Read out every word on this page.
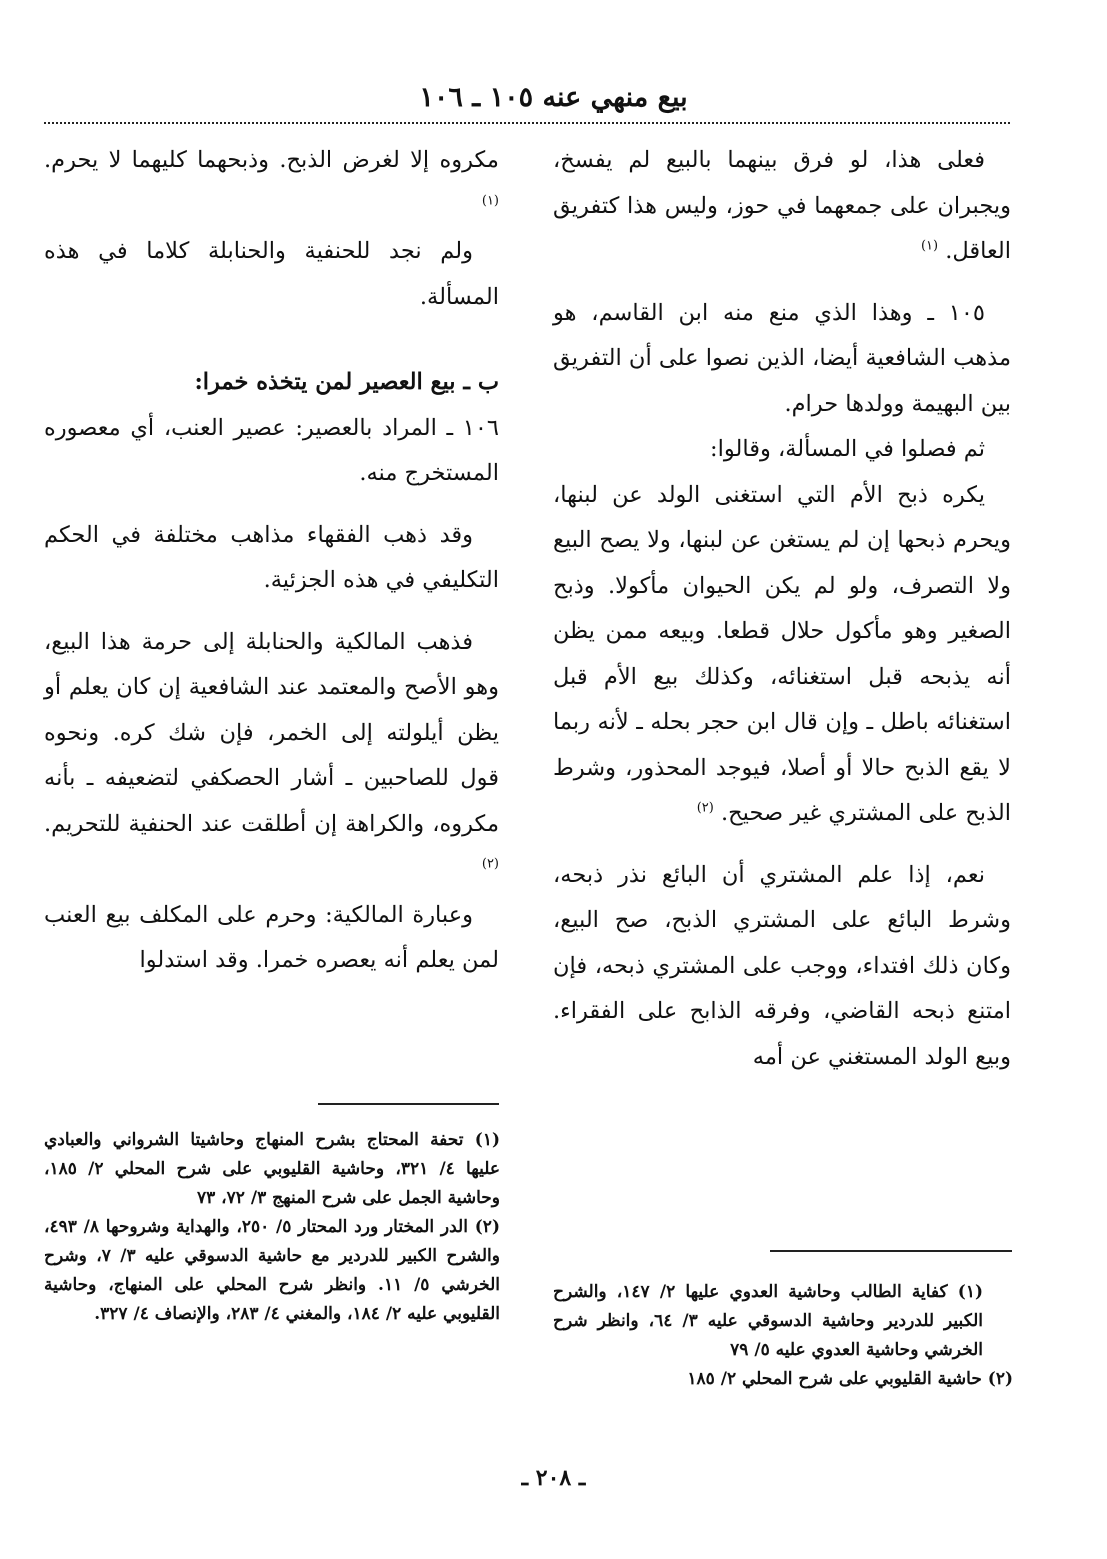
بيع منهي عنه ١٠٥ ـ ١٠٦

فعلى هذا، لو فرق بينهما بالبيع لم يفسخ، ويجبران على جمعهما في حوز، وليس هذا كتفريق العاقل. $^{(١)}$

١٠٥ ـ وهذا الذي منع منه ابن القاسم، هو مذهب الشافعية أيضا، الذين نصوا على أن التفريق بين البهيمة وولدها حرام.

ثم فصلوا في المسألة، وقالوا:

يكره ذبح الأم التي استغنى الولد عن لبنها، ويحرم ذبحها إن لم يستغن عن لبنها، ولا يصح البيع ولا التصرف، ولو لم يكن الحيوان مأكولا. وذبح الصغير وهو مأكول حلال قطعا. وبيعه ممن يظن أنه يذبحه قبل استغنائه، وكذلك بيع الأم قبل استغنائه باطل ـ وإن قال ابن حجر بحله ـ لأنه ربما لا يقع الذبح حالا أو أصلا، فيوجد المحذور، وشرط الذبح على المشتري غير صحيح. $^{(٢)}$

نعم، إذا علم المشتري أن البائع نذر ذبحه، وشرط البائع على المشتري الذبح، صح البيع، وكان ذلك افتداء، ووجب على المشتري ذبحه، فإن امتنع ذبحه القاضي، وفرقه الذابح على الفقراء. وبيع الولد المستغني عن أمه

مكروه إلا لغرض الذبح. وذبحهما كليهما لا يحرم. $^{(١)}$

ولم نجد للحنفية والحنابلة كلاما في هذه المسألة.

ب ـ بيع العصير لمن يتخذه خمرا:

١٠٦ ـ المراد بالعصير: عصير العنب، أي معصوره المستخرج منه.

وقد ذهب الفقهاء مذاهب مختلفة في الحكم التكليفي في هذه الجزئية.

فذهب المالكية والحنابلة إلى حرمة هذا البيع، وهو الأصح والمعتمد عند الشافعية إن كان يعلم أو يظن أيلولته إلى الخمر، فإن شك كره. ونحوه قول للصاحبين ـ أشار الحصكفي لتضعيفه ـ بأنه مكروه، والكراهة إن أطلقت عند الحنفية للتحريم. $^{(٢)}$

وعبارة المالكية: وحرم على المكلف بيع العنب لمن يعلم أنه يعصره خمرا. وقد استدلوا

(١) كفاية الطالب وحاشية العدوي عليها ٢/ ١٤٧، والشرح الكبير للدردير وحاشية الدسوقي عليه ٣/ ٦٤، وانظر شرح الخرشي وحاشية العدوي عليه ٥/ ٧٩

(٢) حاشية القليوبي على شرح المحلي ٢/ ١٨٥

(١) تحفة المحتاج بشرح المنهاج وحاشيتا الشرواني والعبادي عليها ٤/ ٣٢١، وحاشية القليوبي على شرح المحلي ٢/ ١٨٥، وحاشية الجمل على شرح المنهج ٣/ ٧٢، ٧٣

(٢) الدر المختار ورد المحتار ٥/ ٢٥٠، والهداية وشروحها ٨/ ٤٩٣، والشرح الكبير للدردير مع حاشية الدسوقي عليه ٣/ ٧، وشرح الخرشي ٥/ ١١. وانظر شرح المحلي على المنهاج، وحاشية القليوبي عليه ٢/ ١٨٤، والمغني ٤/ ٢٨٣، والإنصاف ٤/ ٣٢٧.

ـ ٢٠٨ ـ
